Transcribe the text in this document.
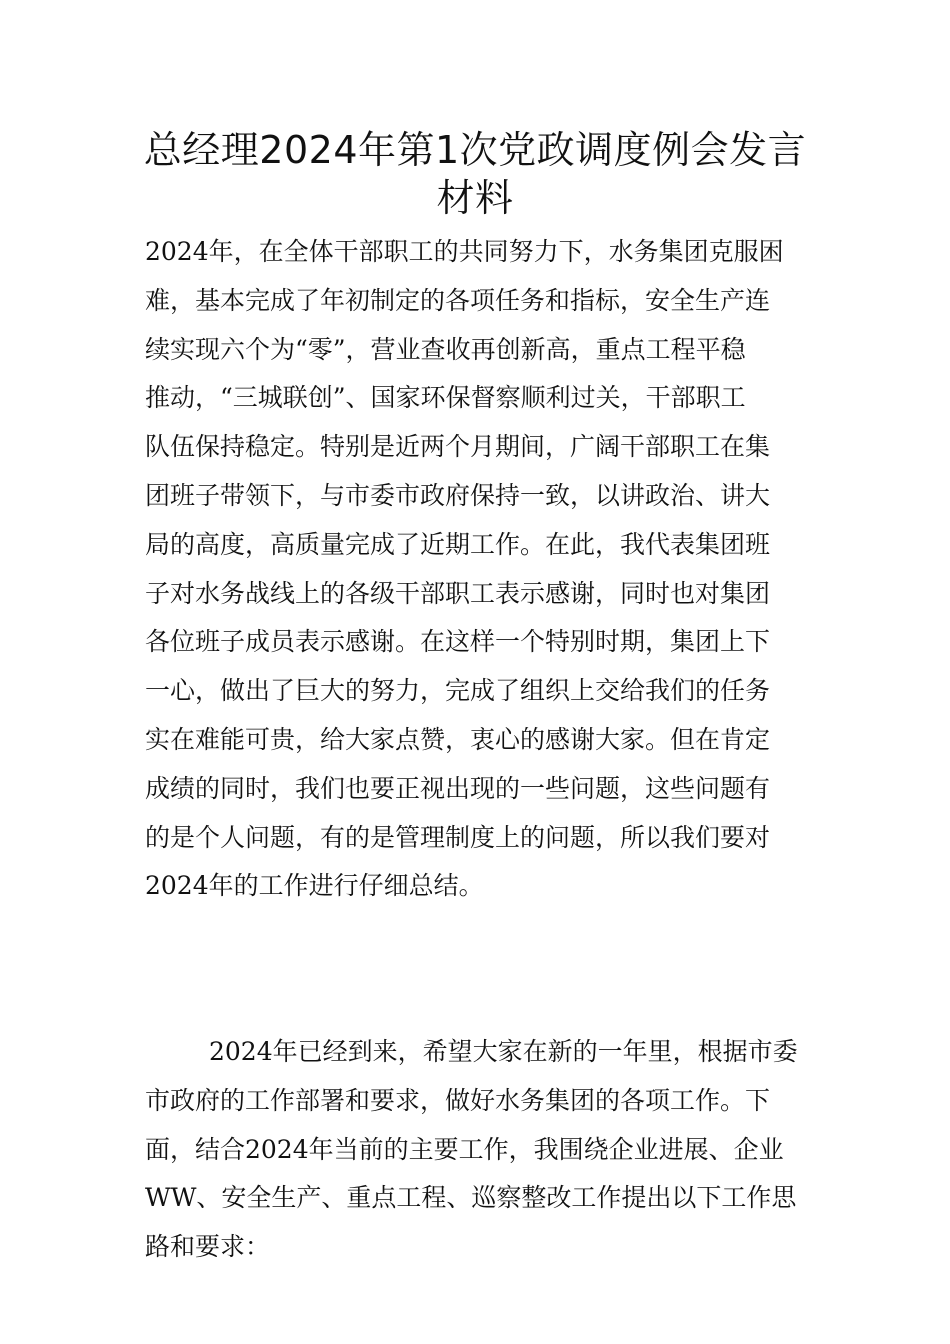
总经理2024年第1次党政调度例会发言
材料
2024年，在全体干部职工的共同努力下，水务集团克服困
难，基本完成了年初制定的各项任务和指标，安全生产连
续实现六个为“零”，营业查收再创新高，重点工程平稳
推动，“三城联创”、国家环保督察顺利过关，干部职工
队伍保持稳定。特别是近两个月期间，广阔干部职工在集
团班子带领下，与市委市政府保持一致，以讲政治、讲大
局的高度，高质量完成了近期工作。在此，我代表集团班
子对水务战线上的各级干部职工表示感谢，同时也对集团
各位班子成员表示感谢。在这样一个特别时期，集团上下
一心，做出了巨大的努力，完成了组织上交给我们的任务
实在难能可贵，给大家点赞，衷心的感谢大家。但在肯定
成绩的同时，我们也要正视出现的一些问题，这些问题有
的是个人问题，有的是管理制度上的问题，所以我们要对
2024年的工作进行仔细总结。
2024年已经到来，希望大家在新的一年里，根据市委
市政府的工作部署和要求，做好水务集团的各项工作。下
面，结合2024年当前的主要工作，我围绕企业进展、企业
WW、安全生产、重点工程、巡察整改工作提出以下工作思
路和要求：
